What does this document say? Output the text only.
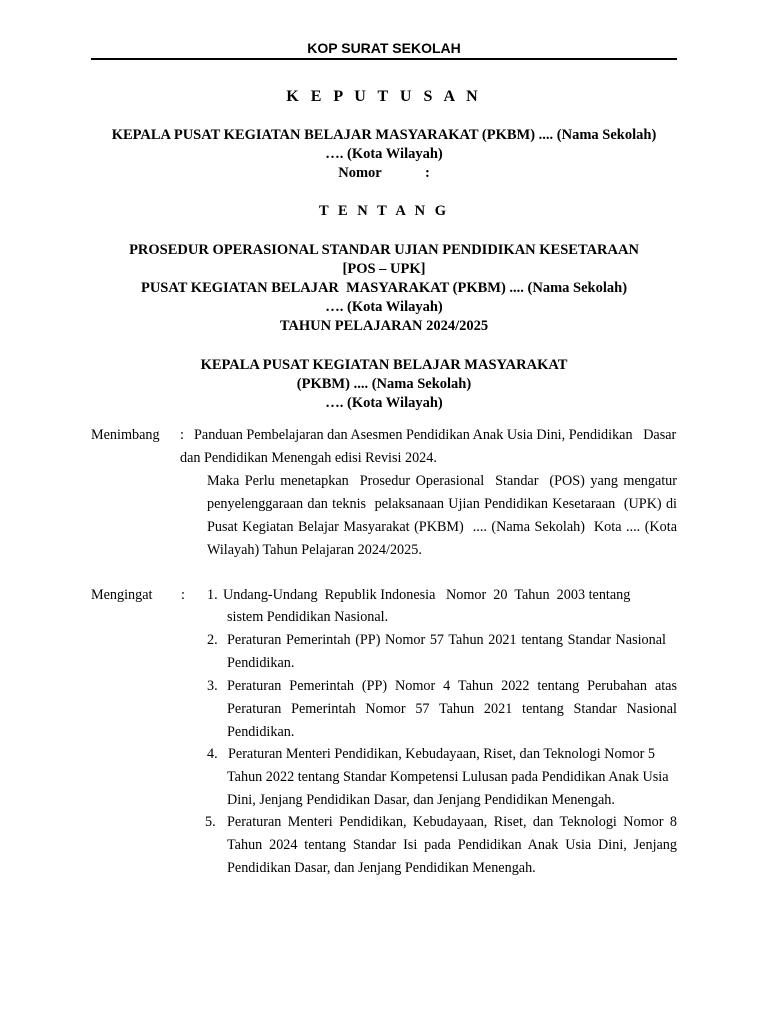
KOP SURAT SEKOLAH
K E P U T U S A N
KEPALA PUSAT KEGIATAN BELAJAR MASYARAKAT (PKBM) .... (Nama Sekolah)
…. (Kota Wilayah)
Nomor            :
T E N T A N G
PROSEDUR OPERASIONAL STANDAR UJIAN PENDIDIKAN KESETARAAN
[POS – UPK]
PUSAT KEGIATAN BELAJAR  MASYARAKAT (PKBM) .... (Nama Sekolah)
…. (Kota Wilayah)
TAHUN PELAJARAN 2024/2025
KEPALA PUSAT KEGIATAN BELAJAR MASYARAKAT
(PKBM) .... (Nama Sekolah)
…. (Kota Wilayah)
Menimbang : Panduan Pembelajaran dan Asesmen Pendidikan Anak Usia Dini, Pendidikan   Dasar
dan Pendidikan Menengah edisi Revisi 2024.
Maka Perlu menetapkan  Prosedur Operasional  Standar  (POS) yang mengatur
penyelenggaraan dan teknis  pelaksanaan Ujian Pendidikan Kesetaraan  (UPK) di
Pusat Kegiatan Belajar Masyarakat (PKBM)  .... (Nama Sekolah)  Kota .... (Kota
Wilayah) Tahun Pelajaran 2024/2025.
Mengingat : 1. Undang-Undang  Republik Indonesia   Nomor  20  Tahun  2003 tentang
sistem Pendidikan Nasional.
2. Peraturan Pemerintah (PP) Nomor 57 Tahun 2021 tentang Standar Nasional
Pendidikan.
3. Peraturan Pemerintah (PP) Nomor 4 Tahun 2022 tentang Perubahan atas
Peraturan Pemerintah Nomor 57 Tahun 2021 tentang Standar Nasional
Pendidikan.
4. Peraturan Menteri Pendidikan, Kebudayaan, Riset, dan Teknologi Nomor 5
Tahun 2022 tentang Standar Kompetensi Lulusan pada Pendidikan Anak Usia
Dini, Jenjang Pendidikan Dasar, dan Jenjang Pendidikan Menengah.
5. Peraturan Menteri Pendidikan, Kebudayaan, Riset, dan Teknologi Nomor 8
Tahun 2024 tentang Standar Isi pada Pendidikan Anak Usia Dini, Jenjang
Pendidikan Dasar, dan Jenjang Pendidikan Menengah.
